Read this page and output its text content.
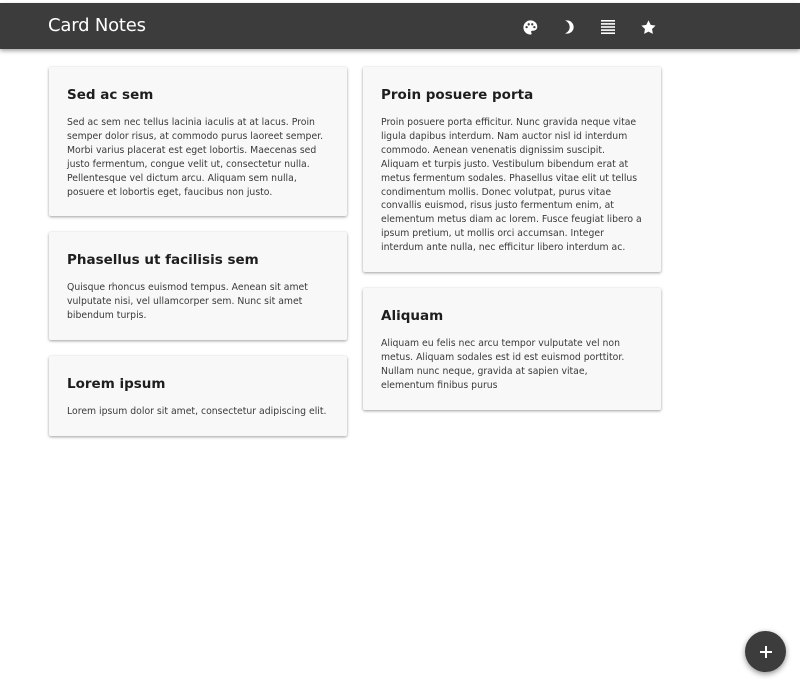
Card Notes
Sed ac sem
Sed ac sem nec tellus lacinia iaculis at at lacus. Proin semper dolor risus, at commodo purus laoreet semper. Morbi varius placerat est eget lobortis. Maecenas sed justo fermentum, congue velit ut, consectetur nulla. Pellentesque vel dictum arcu. Aliquam sem nulla, posuere et lobortis eget, faucibus non justo.
Phasellus ut facilisis sem
Quisque rhoncus euismod tempus. Aenean sit amet vulputate nisi, vel ullamcorper sem. Nunc sit amet bibendum turpis.
Lorem ipsum
Lorem ipsum dolor sit amet, consectetur adipiscing elit.
Proin posuere porta
Proin posuere porta efficitur. Nunc gravida neque vitae ligula dapibus interdum. Nam auctor nisl id interdum commodo. Aenean venenatis dignissim suscipit. Aliquam et turpis justo. Vestibulum bibendum erat at metus fermentum sodales. Phasellus vitae elit ut tellus condimentum mollis. Donec volutpat, purus vitae convallis euismod, risus justo fermentum enim, at elementum metus diam ac lorem. Fusce feugiat libero a ipsum pretium, ut mollis orci accumsan. Integer interdum ante nulla, nec efficitur libero interdum ac.
Aliquam
Aliquam eu felis nec arcu tempor vulputate vel non metus. Aliquam sodales est id est euismod porttitor. Nullam nunc neque, gravida at sapien vitae, elementum finibus purus
